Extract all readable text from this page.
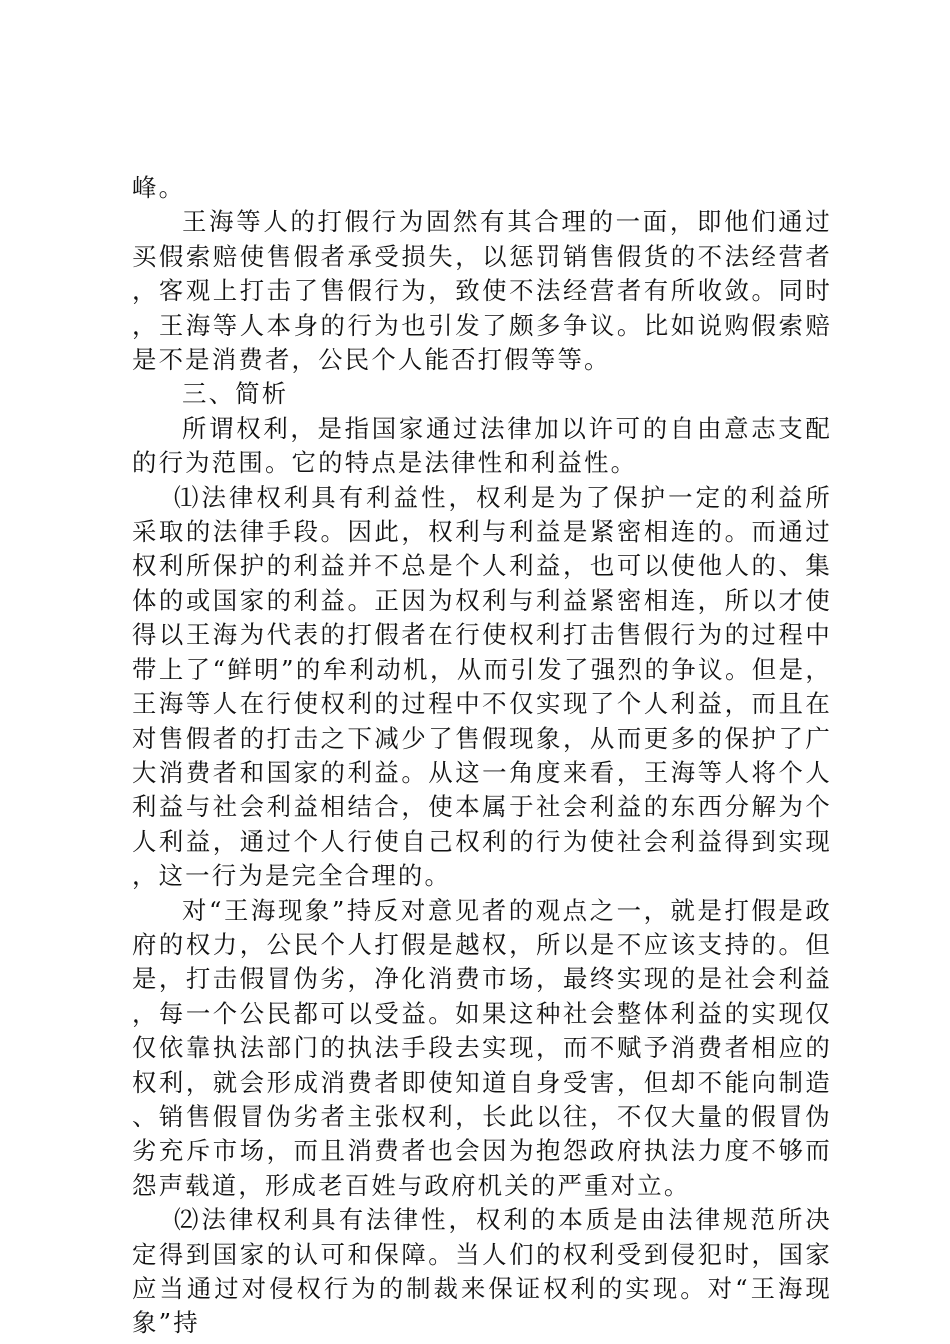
峰。

王海等人的打假行为固然有其合理的一面，即他们通过买假索赔使售假者承受损失，以惩罚销售假货的不法经营者，客观上打击了售假行为，致使不法经营者有所收敛。同时，王海等人本身的行为也引发了颇多争议。比如说购假索赔是不是消费者，公民个人能否打假等等。

三、简析

所谓权利，是指国家通过法律加以许可的自由意志支配的行为范围。它的特点是法律性和利益性。

⑴法律权利具有利益性，权利是为了保护一定的利益所采取的法律手段。因此，权利与利益是紧密相连的。而通过权利所保护的利益并不总是个人利益，也可以使他人的、集体的或国家的利益。正因为权利与利益紧密相连，所以才使得以王海为代表的打假者在行使权利打击售假行为的过程中带上了“鲜明”的牟利动机，从而引发了强烈的争议。但是，王海等人在行使权利的过程中不仅实现了个人利益，而且在对售假者的打击之下减少了售假现象，从而更多的保护了广大消费者和国家的利益。从这一角度来看，王海等人将个人利益与社会利益相结合，使本属于社会利益的东西分解为个人利益，通过个人行使自己权利的行为使社会利益得到实现，这一行为是完全合理的。

对“王海现象”持反对意见者的观点之一，就是打假是政府的权力，公民个人打假是越权，所以是不应该支持的。但是，打击假冒伪劣，净化消费市场，最终实现的是社会利益，每一个公民都可以受益。如果这种社会整体利益的实现仅仅依靠执法部门的执法手段去实现，而不赋予消费者相应的权利，就会形成消费者即使知道自身受害，但却不能向制造、销售假冒伪劣者主张权利，长此以往，不仅大量的假冒伪劣充斥市场，而且消费者也会因为抱怨政府执法力度不够而怨声载道，形成老百姓与政府机关的严重对立。

⑵法律权利具有法律性，权利的本质是由法律规范所决定得到国家的认可和保障。当人们的权利受到侵犯时，国家应当通过对侵权行为的制裁来保证权利的实现。对“王海现象”持
